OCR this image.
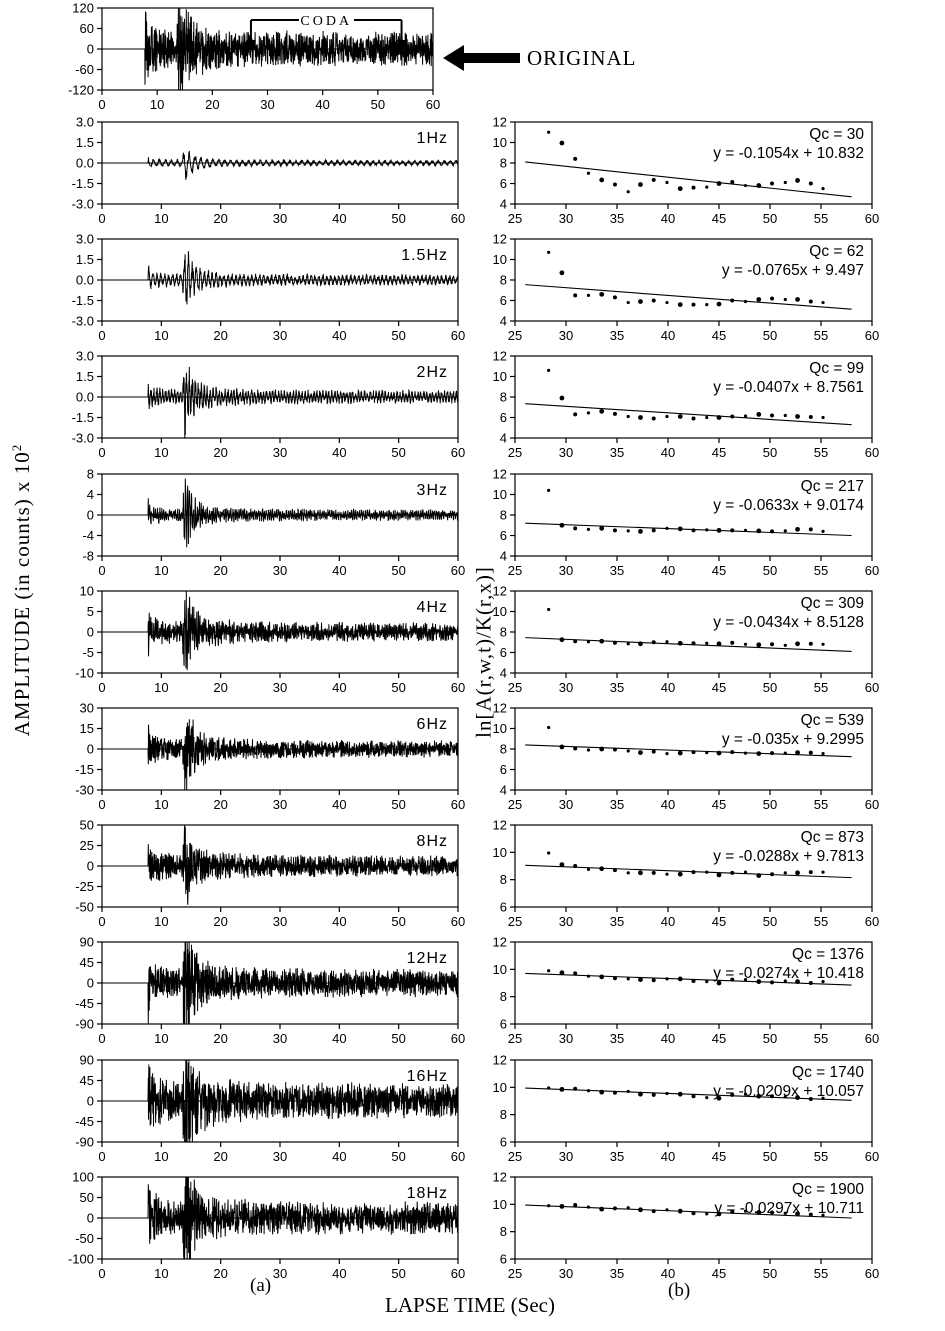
AMPLITUDE (in counts) x $10^2$
ln[A(r,w,t)/K(r,x)]
120
60
0
-60
-120
0	10	20	30	40	50	60
CODA
ORIGINAL
3.0
1.5
0.0
-1.5
-3.0
0	10	20	30	40	50	60
1Hz
12
10
8
6
4
25	30	35	40	45	50	55	60
Qc = 30
y = -0.1054x + 10.832
3.0
1.5
0.0
-1.5
-3.0
0	10	20	30	40	50	60
1.5Hz
12
10
8
6
4
25	30	35	40	45	50	55	60
Qc = 62
y = -0.0765x + 9.497
3.0
1.5
0.0
-1.5
-3.0
0	10	20	30	40	50	60
2Hz
12
10
8
6
4
25	30	35	40	45	50	55	60
Qc = 99
y = -0.0407x + 8.7561
8
4
0
-4
-8
0	10	20	30	40	50	60
3Hz
12
10
8
6
4
25	30	35	40	45	50	55	60
Qc = 217
y = -0.0633x + 9.0174
10
5
0
-5
-10
0	10	20	30	40	50	60
4Hz
12
10
8
6
4
25	30	35	40	45	50	55	60
Qc = 309
y = -0.0434x + 8.5128
30
15
0
-15
-30
0	10	20	30	40	50	60
6Hz
12
10
8
6
4
25	30	35	40	45	50	55	60
Qc = 539
y = -0.035x + 9.2995
50
25
0
-25
-50
0	10	20	30	40	50	60
8Hz
12
10
8
6
25	30	35	40	45	50	55	60
Qc = 873
y = -0.0288x + 9.7813
90
45
0
-45
-90
0	10	20	30	40	50	60
12Hz
12
10
8
6
25	30	35	40	45	50	55	60
Qc = 1376
y = -0.0274x + 10.418
90
45
0
-45
-90
0	10	20	30	40	50	60
16Hz
12
10
8
6
25	30	35	40	45	50	55	60
Qc = 1740
y = -0.0209x + 10.057
100
50
0
-50
-100
0	10	20	30	40	50	60
18Hz
12
10
8
6
25	30	35	40	45	50	55	60
Qc = 1900
y = -0.0297x + 10.711
(a)	(b)
LAPSE TIME (Sec)
